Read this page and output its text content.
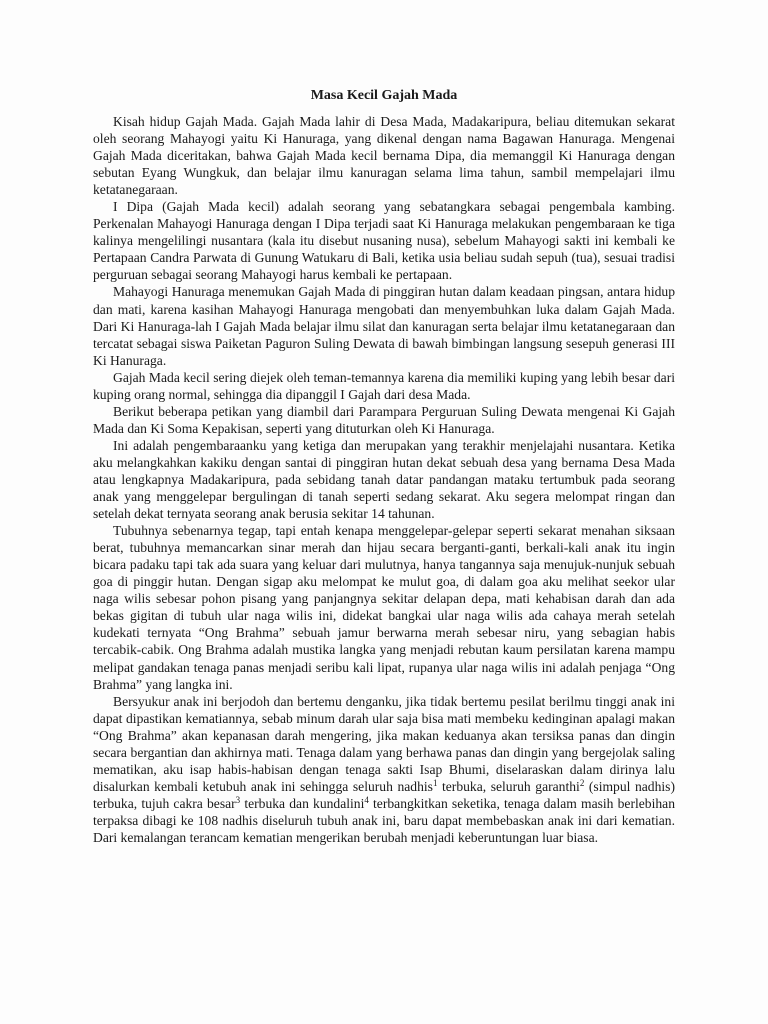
Masa Kecil Gajah Mada

Kisah hidup Gajah Mada. Gajah Mada lahir di Desa Mada, Madakaripura, beliau ditemukan sekarat oleh seorang Mahayogi yaitu Ki Hanuraga, yang dikenal dengan nama Bagawan Hanuraga. Mengenai Gajah Mada diceritakan, bahwa Gajah Mada kecil bernama Dipa, dia memanggil Ki Hanuraga dengan sebutan Eyang Wungkuk, dan belajar ilmu kanuragan selama lima tahun, sambil mempelajari ilmu ketatanegaraan.

I Dipa (Gajah Mada kecil) adalah seorang yang sebatangkara sebagai pengembala kambing. Perkenalan Mahayogi Hanuraga dengan I Dipa terjadi saat Ki Hanuraga melakukan pengembaraan ke tiga kalinya mengelilingi nusantara (kala itu disebut nusaning nusa), sebelum Mahayogi sakti ini kembali ke Pertapaan Candra Parwata di Gunung Watukaru di Bali, ketika usia beliau sudah sepuh (tua), sesuai tradisi perguruan sebagai seorang Mahayogi harus kembali ke pertapaan.

Mahayogi Hanuraga menemukan Gajah Mada di pinggiran hutan dalam keadaan pingsan, antara hidup dan mati, karena kasihan Mahayogi Hanuraga mengobati dan menyembuhkan luka dalam Gajah Mada. Dari Ki Hanuraga-lah I Gajah Mada belajar ilmu silat dan kanuragan serta belajar ilmu ketatanegaraan dan tercatat sebagai siswa Paiketan Paguron Suling Dewata di bawah bimbingan langsung sesepuh generasi III Ki Hanuraga.

Gajah Mada kecil sering diejek oleh teman-temannya karena dia memiliki kuping yang lebih besar dari kuping orang normal, sehingga dia dipanggil I Gajah dari desa Mada.

Berikut beberapa petikan yang diambil dari Parampara Perguruan Suling Dewata mengenai Ki Gajah Mada dan Ki Soma Kepakisan, seperti yang dituturkan oleh Ki Hanuraga.

Ini adalah pengembaraanku yang ketiga dan merupakan yang terakhir menjelajahi nusantara. Ketika aku melangkahkan kakiku dengan santai di pinggiran hutan dekat sebuah desa yang bernama Desa Mada atau lengkapnya Madakaripura, pada sebidang tanah datar pandangan mataku tertumbuk pada seorang anak yang menggelepar bergulingan di tanah seperti sedang sekarat. Aku segera melompat ringan dan setelah dekat ternyata seorang anak berusia sekitar 14 tahunan.

Tubuhnya sebenarnya tegap, tapi entah kenapa menggelepar-gelepar seperti sekarat menahan siksaan berat, tubuhnya memancarkan sinar merah dan hijau secara berganti-ganti, berkali-kali anak itu ingin bicara padaku tapi tak ada suara yang keluar dari mulutnya, hanya tangannya saja menujuk-nunjuk sebuah goa di pinggir hutan. Dengan sigap aku melompat ke mulut goa, di dalam goa aku melihat seekor ular naga wilis sebesar pohon pisang yang panjangnya sekitar delapan depa, mati kehabisan darah dan ada bekas gigitan di tubuh ular naga wilis ini, didekat bangkai ular naga wilis ada cahaya merah setelah kudekati ternyata “Ong Brahma” sebuah jamur berwarna merah sebesar niru, yang sebagian habis tercabik-cabik. Ong Brahma adalah mustika langka yang menjadi rebutan kaum persilatan karena mampu melipat gandakan tenaga panas menjadi seribu kali lipat, rupanya ular naga wilis ini adalah penjaga “Ong Brahma” yang langka ini.

Bersyukur anak ini berjodoh dan bertemu denganku, jika tidak bertemu pesilat berilmu tinggi anak ini dapat dipastikan kematiannya, sebab minum darah ular saja bisa mati membeku kedinginan apalagi makan “Ong Brahma” akan kepanasan darah mengering, jika makan keduanya akan tersiksa panas dan dingin secara bergantian dan akhirnya mati. Tenaga dalam yang berhawa panas dan dingin yang bergejolak saling mematikan, aku isap habis-habisan dengan tenaga sakti Isap Bhumi, diselaraskan dalam dirinya lalu disalurkan kembali ketubuh anak ini sehingga seluruh nadhis$^1$ terbuka, seluruh garanthi$^2$ (simpul nadhis) terbuka, tujuh cakra besar$^3$ terbuka dan kundalini$^4$ terbangkitkan seketika, tenaga dalam masih berlebihan terpaksa dibagi ke 108 nadhis diseluruh tubuh anak ini, baru dapat membebaskan anak ini dari kematian. Dari kemalangan terancam kematian mengerikan berubah menjadi keberuntungan luar biasa.
